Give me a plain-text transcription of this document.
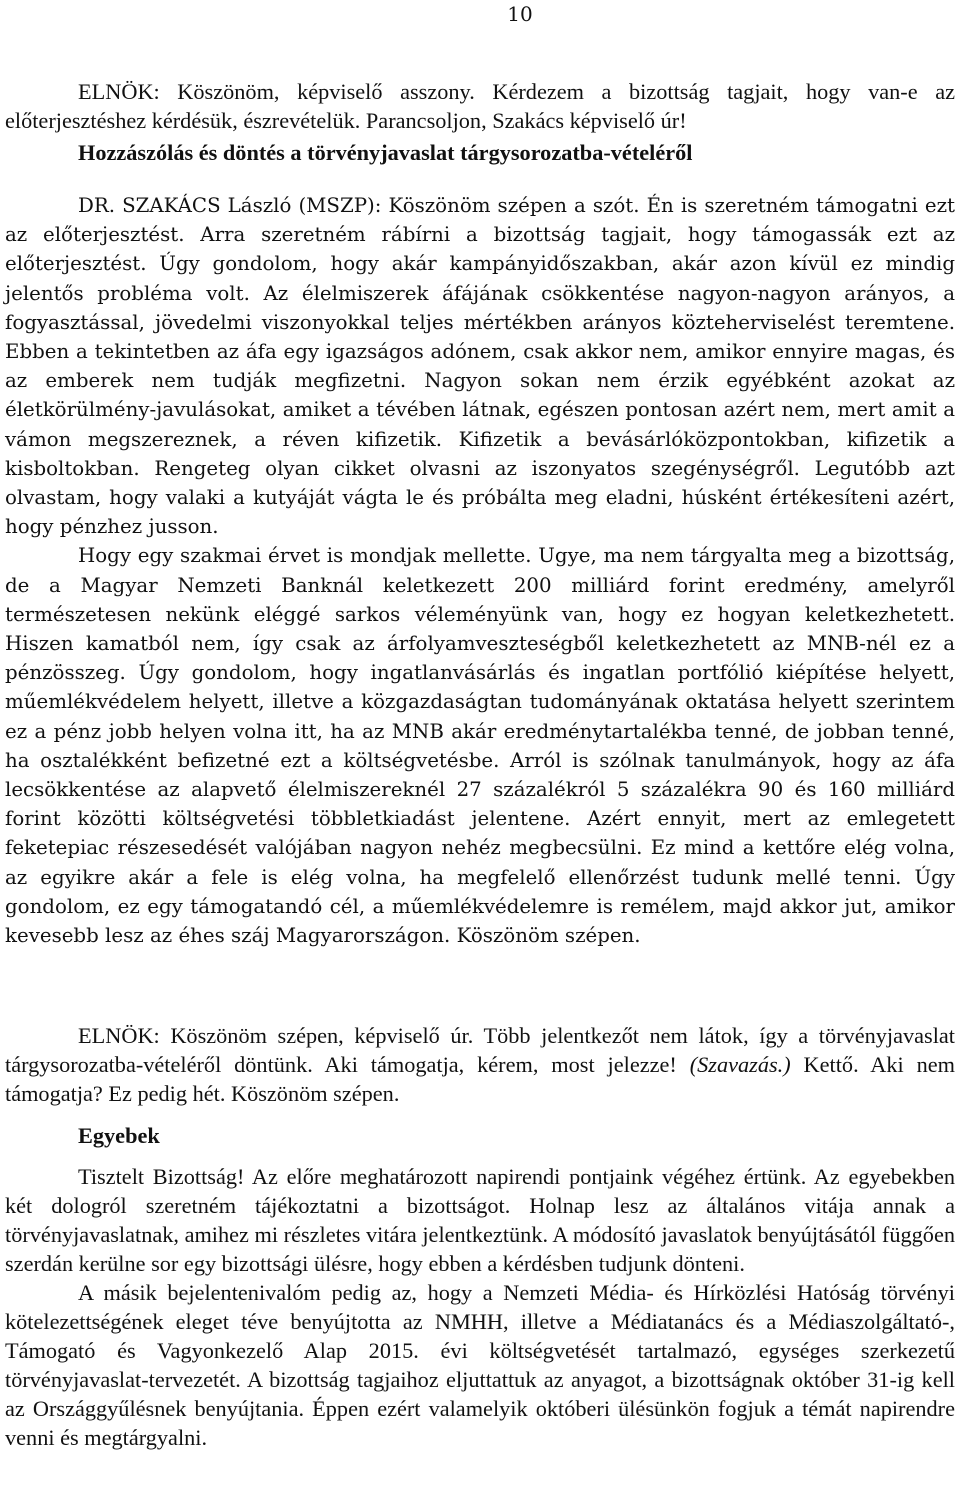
10

ELNÖK: Köszönöm, képviselő asszony. Kérdezem a bizottság tagjait, hogy van-e az előterjesztéshez kérdésük, észrevételük. Parancsoljon, Szakács képviselő úr!

Hozzászólás és döntés a törvényjavaslat tárgysorozatba-vételéről

DR. SZAKÁCS László (MSZP): Köszönöm szépen a szót. Én is szeretném támogatni ezt az előterjesztést. Arra szeretném rábírni a bizottság tagjait, hogy támogassák ezt az előterjesztést. Úgy gondolom, hogy akár kampányidőszakban, akár azon kívül ez mindig jelentős probléma volt. Az élelmiszerek áfájának csökkentése nagyon-nagyon arányos, a fogyasztással, jövedelmi viszonyokkal teljes mértékben arányos közteherviselést teremtene. Ebben a tekintetben az áfa egy igazságos adónem, csak akkor nem, amikor ennyire magas, és az emberek nem tudják megfizetni. Nagyon sokan nem érzik egyébként azokat az életkörülmény-javulásokat, amiket a tévében látnak, egészen pontosan azért nem, mert amit a vámon megszereznek, a réven kifizetik. Kifizetik a bevásárlóközpontokban, kifizetik a kisboltokban. Rengeteg olyan cikket olvasni az iszonyatos szegénységről. Legutóbb azt olvastam, hogy valaki a kutyáját vágta le és próbálta meg eladni, húsként értékesíteni azért, hogy pénzhez jusson.

Hogy egy szakmai érvet is mondjak mellette. Ugye, ma nem tárgyalta meg a bizottság, de a Magyar Nemzeti Banknál keletkezett 200 milliárd forint eredmény, amelyről természetesen nekünk eléggé sarkos véleményünk van, hogy ez hogyan keletkezhetett. Hiszen kamatból nem, így csak az árfolyamveszteségből keletkezhetett az MNB-nél ez a pénzösszeg. Úgy gondolom, hogy ingatlanvásárlás és ingatlan portfólió kiépítése helyett, műemlékvédelem helyett, illetve a közgazdaságtan tudományának oktatása helyett szerintem ez a pénz jobb helyen volna itt, ha az MNB akár eredménytartalékba tenné, de jobban tenné, ha osztalékként befizetné ezt a költségvetésbe. Arról is szólnak tanulmányok, hogy az áfa lecsökkentése az alapvető élelmiszereknél 27 százalékról 5 százalékra 90 és 160 milliárd forint közötti költségvetési többletkiadást jelentene. Azért ennyit, mert az emlegetett feketepiac részesedését valójában nagyon nehéz megbecsülni. Ez mind a kettőre elég volna, az egyikre akár a fele is elég volna, ha megfelelő ellenőrzést tudunk mellé tenni. Úgy gondolom, ez egy támogatandó cél, a műemlékvédelemre is remélem, majd akkor jut, amikor kevesebb lesz az éhes száj Magyarországon. Köszönöm szépen.

ELNÖK: Köszönöm szépen, képviselő úr. Több jelentkezőt nem látok, így a törvényjavaslat tárgysorozatba-vételéről döntünk. Aki támogatja, kérem, most jelezze! (Szavazás.) Kettő. Aki nem támogatja? Ez pedig hét. Köszönöm szépen.

Egyebek

Tisztelt Bizottság! Az előre meghatározott napirendi pontjaink végéhez értünk. Az egyebekben két dologról szeretném tájékoztatni a bizottságot. Holnap lesz az általános vitája annak a törvényjavaslatnak, amihez mi részletes vitára jelentkeztünk. A módosító javaslatok benyújtásától függően szerdán kerülne sor egy bizottsági ülésre, hogy ebben a kérdésben tudjunk dönteni.

A másik bejelentenivalóm pedig az, hogy a Nemzeti Média- és Hírközlési Hatóság törvényi kötelezettségének eleget téve benyújtotta az NMHH, illetve a Médiatanács és a Médiaszolgáltató-, Támogató és Vagyonkezelő Alap 2015. évi költségvetését tartalmazó, egységes szerkezetű törvényjavaslat-tervezetét. A bizottság tagjaihoz eljuttattuk az anyagot, a bizottságnak október 31-ig kell az Országgyűlésnek benyújtania. Éppen ezért valamelyik októberi ülésünkön fogjuk a témát napirendre venni és megtárgyalni.
